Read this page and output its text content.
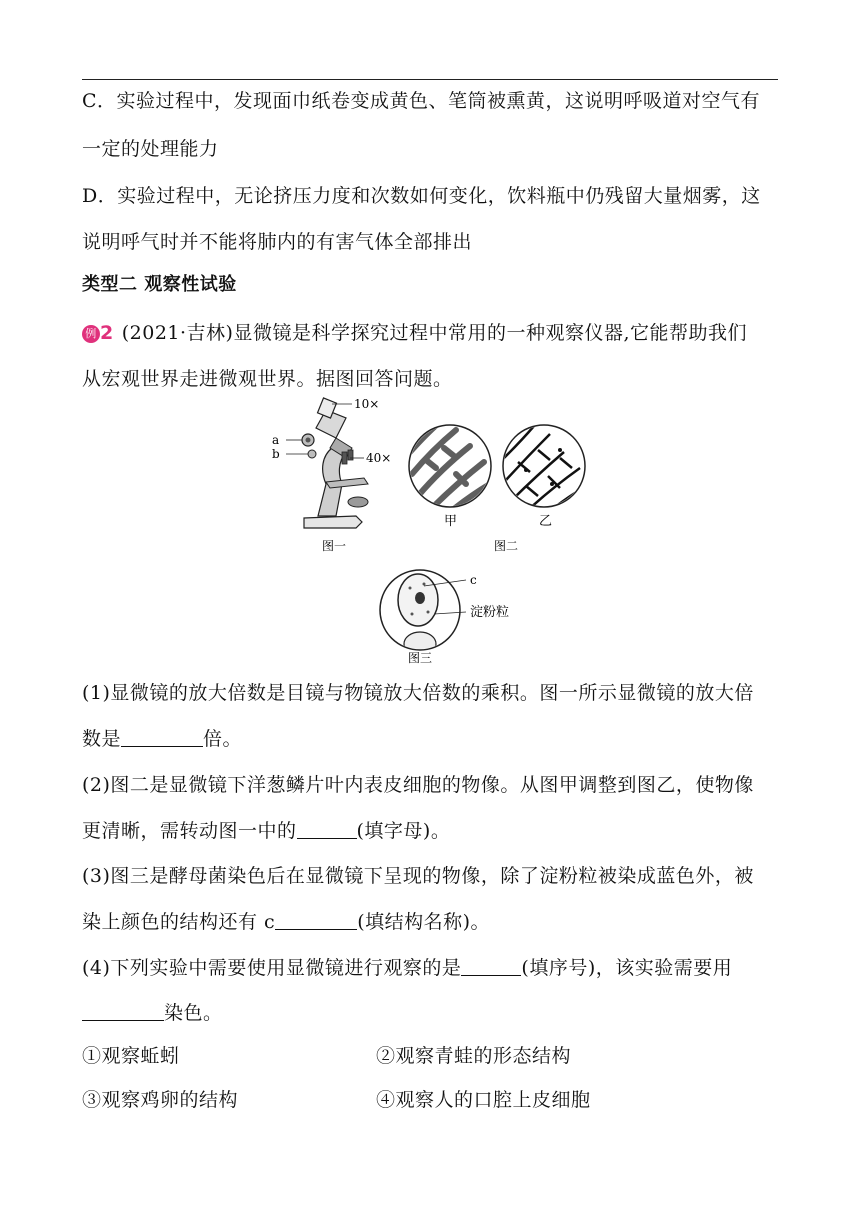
C．实验过程中，发现面巾纸卷变成黄色、笔筒被熏黄，这说明呼吸道对空气有
一定的处理能力
D．实验过程中，无论挤压力度和次数如何变化，饮料瓶中仍残留大量烟雾，这
说明呼气时并不能将肺内的有害气体全部排出
类型二 观察性试验
例 2 (2021·吉林)显微镜是科学探究过程中常用的一种观察仪器,它能帮助我们
从宏观世界走进微观世界。据图回答问题。
10×
a
b	40×
图一
甲	乙
图二
c
淀粉粒
图三
(1)显微镜的放大倍数是目镜与物镜放大倍数的乘积。图一所示显微镜的放大倍
数是	倍。
(2)图二是显微镜下洋葱鳞片叶内表皮细胞的物像。从图甲调整到图乙，使物像
更清晰，需转动图一中的	(填字母)。
(3)图三是酵母菌染色后在显微镜下呈现的物像，除了淀粉粒被染成蓝色外，被
染上颜色的结构还有 c	(填结构名称)。
(4)下列实验中需要使用显微镜进行观察的是	(填序号)，该实验需要用
染色。
①观察蚯蚓	②观察青蛙的形态结构
③观察鸡卵的结构	④观察人的口腔上皮细胞
